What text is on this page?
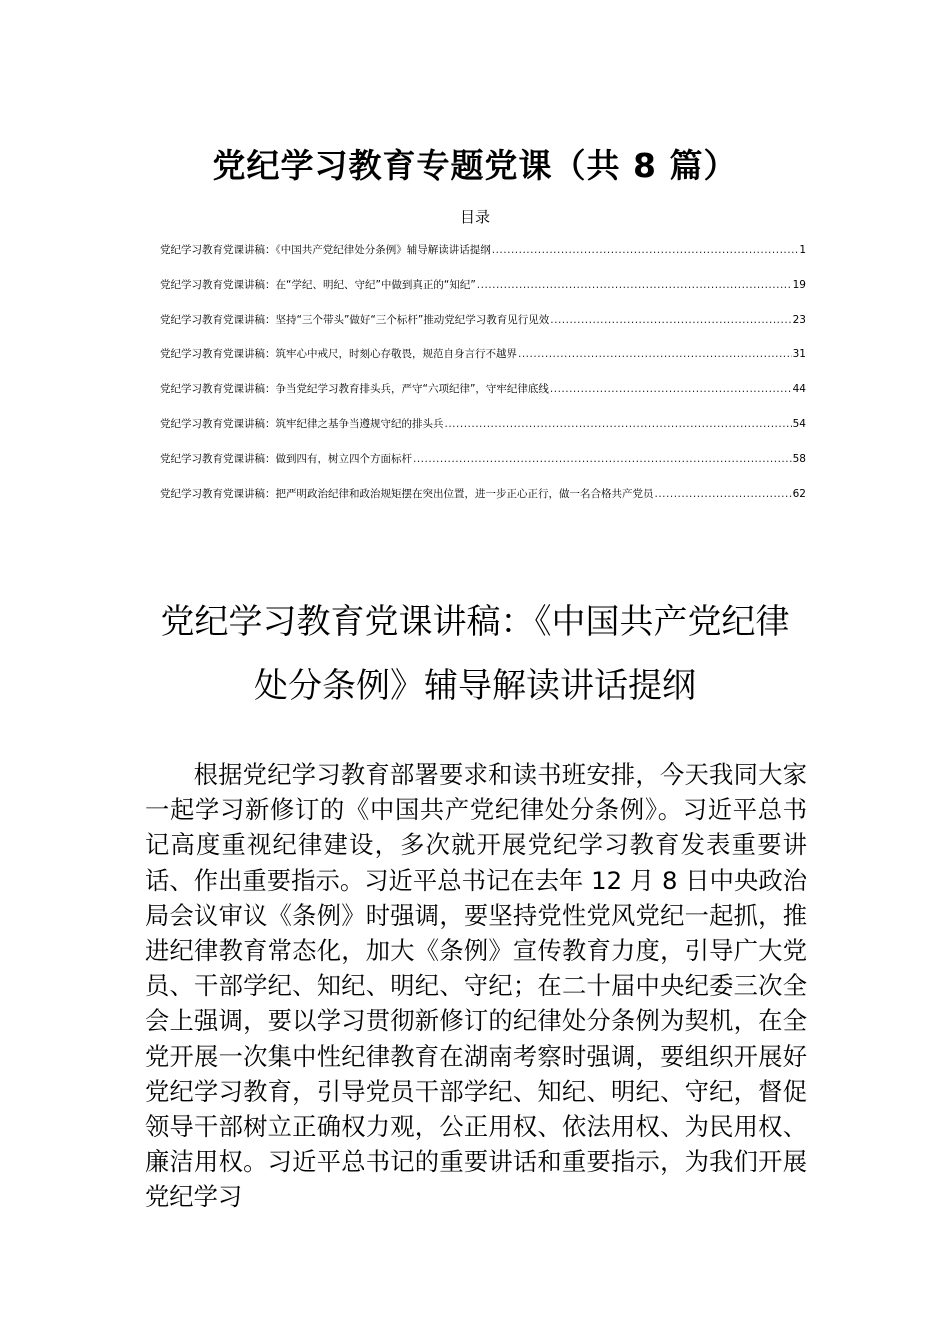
党纪学习教育专题党课（共 8 篇）
目录
党纪学习教育党课讲稿：《中国共产党纪律处分条例》辅导解读讲话提纲 .....	1
党纪学习教育党课讲稿：在“学纪、明纪、守纪”中做到真正的“知纪” .....	19
党纪学习教育党课讲稿：坚持“三个带头”做好“三个标杆”推动党纪学习教育见行见效 .....	23
党纪学习教育党课讲稿：筑牢心中戒尺，时刻心存敬畏，规范自身言行不越界 .....	31
党纪学习教育党课讲稿：争当党纪学习教育排头兵，严守“六项纪律”，守牢纪律底线 .....	44
党纪学习教育党课讲稿：筑牢纪律之基争当遵规守纪的排头兵 .....	54
党纪学习教育党课讲稿：做到四有，树立四个方面标杆 .....	58
党纪学习教育党课讲稿：把严明政治纪律和政治规矩摆在突出位置，进一步正心正行，做一名合格共产党员 .....	62
党纪学习教育党课讲稿：《中国共产党纪律处分条例》辅导解读讲话提纲

根据党纪学习教育部署要求和读书班安排，今天我同大家一起学习新修订的《中国共产党纪律处分条例》。习近平总书记高度重视纪律建设，多次就开展党纪学习教育发表重要讲话、作出重要指示。习近平总书记在去年 12 月 8 日中央政治局会议审议《条例》时强调，要坚持党性党风党纪一起抓，推进纪律教育常态化，加大《条例》宣传教育力度，引导广大党员、干部学纪、知纪、明纪、守纪；在二十届中央纪委三次全会上强调，要以学习贯彻新修订的纪律处分条例为契机，在全党开展一次集中性纪律教育在湖南考察时强调，要组织开展好党纪学习教育，引导党员干部学纪、知纪、明纪、守纪，督促领导干部树立正确权力观，公正用权、依法用权、为民用权、廉洁用权。习近平总书记的重要讲话和重要指示，为我们开展党纪学习
